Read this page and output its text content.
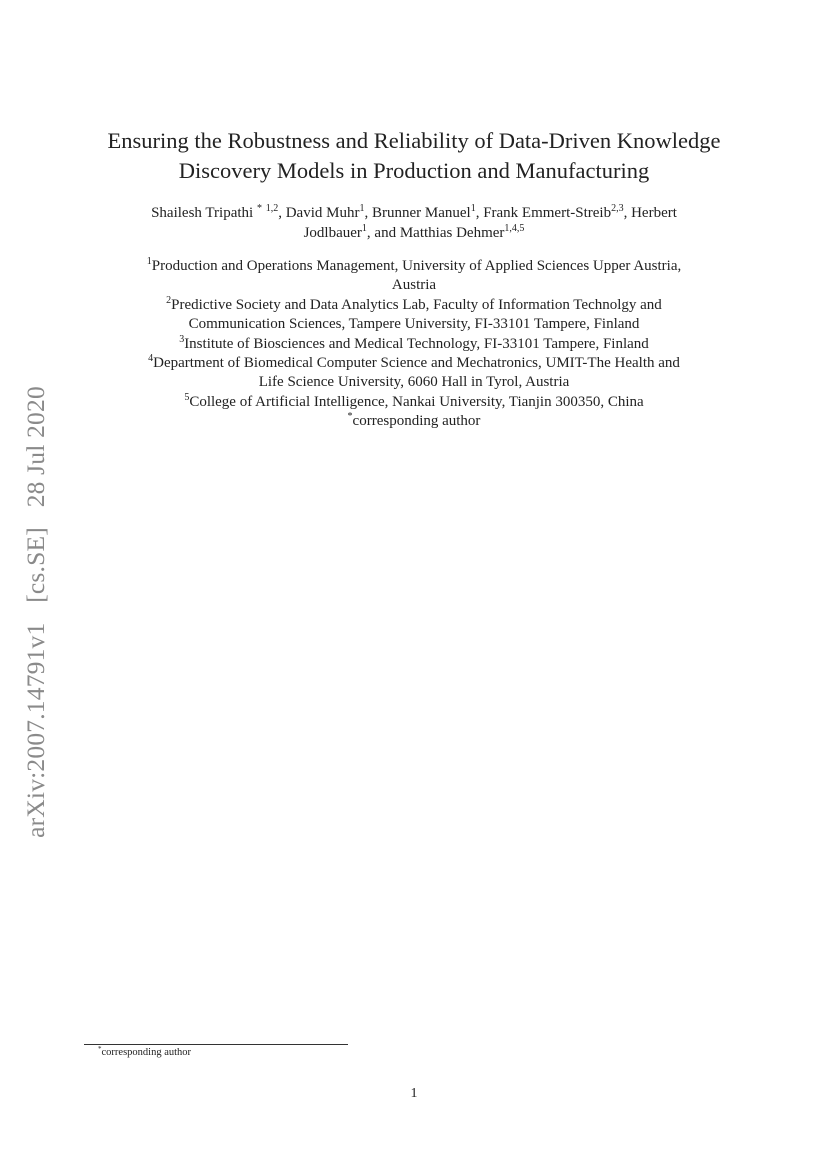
arXiv:2007.14791v1   [cs.SE]   28 Jul 2020
Ensuring the Robustness and Reliability of Data-Driven Knowledge
Discovery Models in Production and Manufacturing
Shailesh Tripathi * $^{1,2}$, David Muhr$^1$, Brunner Manuel$^1$, Frank Emmert-Streib$^{2,3}$, Herbert
Jodlbauer$^1$, and Matthias Dehmer$^{1,4,5}$
$^1$Production and Operations Management, University of Applied Sciences Upper Austria,
Austria
$^2$Predictive Society and Data Analytics Lab, Faculty of Information Technolgy and
Communication Sciences, Tampere University, FI-33101 Tampere, Finland
$^3$Institute of Biosciences and Medical Technology, FI-33101 Tampere, Finland
$^4$Department of Biomedical Computer Science and Mechatronics, UMIT-The Health and
Life Science University, 6060 Hall in Tyrol, Austria
$^5$College of Artificial Intelligence, Nankai University, Tianjin 300350, China
*corresponding author
*corresponding author
1
